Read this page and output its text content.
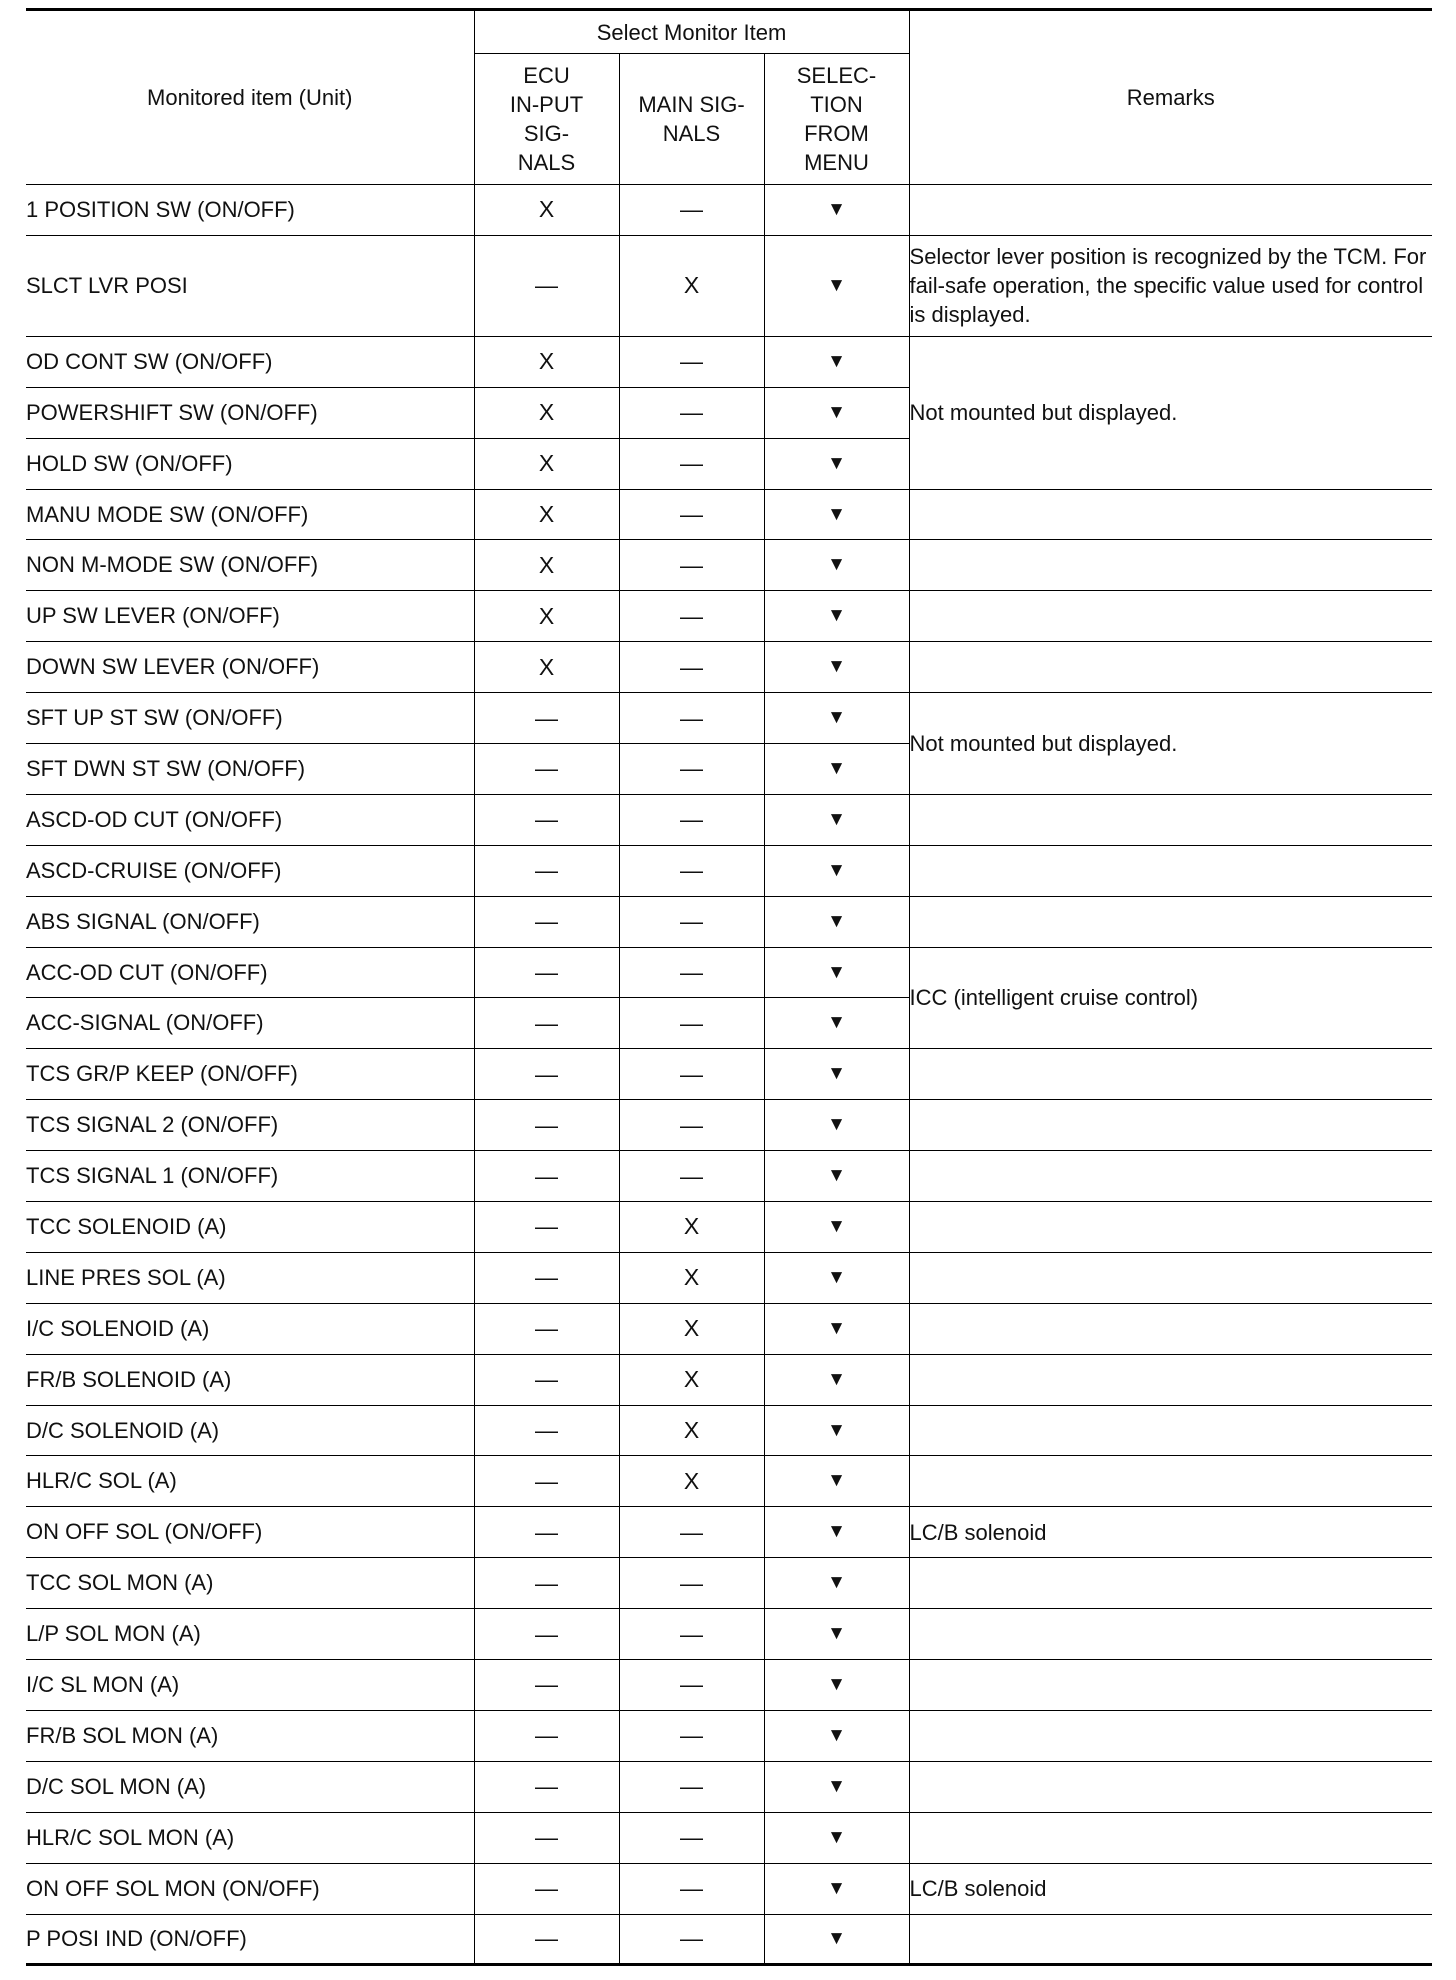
Monitored item (Unit)	Select Monitor Item			Remarks
	ECU IN-PUT SIG-NALS	MAIN SIG-NALS	SELEC-TION FROM MENU	
1 POSITION SW (ON/OFF)	X	—	▼	
SLCT LVR POSI	—	X	▼	Selector lever position is recognized by the TCM. For fail-safe operation, the specific value used for control is displayed.
OD CONT SW (ON/OFF)	X	—	▼	Not mounted but displayed.
POWERSHIFT SW (ON/OFF)	X	—	▼	
HOLD SW (ON/OFF)	X	—	▼	
MANU MODE SW (ON/OFF)	X	—	▼	
NON M-MODE SW (ON/OFF)	X	—	▼	
UP SW LEVER (ON/OFF)	X	—	▼	
DOWN SW LEVER (ON/OFF)	X	—	▼	
SFT UP ST SW (ON/OFF)	—	—	▼	Not mounted but displayed.
SFT DWN ST SW (ON/OFF)	—	—	▼	
ASCD-OD CUT (ON/OFF)	—	—	▼	
ASCD-CRUISE (ON/OFF)	—	—	▼	
ABS SIGNAL (ON/OFF)	—	—	▼	
ACC-OD CUT (ON/OFF)	—	—	▼	ICC (intelligent cruise control)
ACC-SIGNAL (ON/OFF)	—	—	▼	
TCS GR/P KEEP (ON/OFF)	—	—	▼	
TCS SIGNAL 2 (ON/OFF)	—	—	▼	
TCS SIGNAL 1 (ON/OFF)	—	—	▼	
TCC SOLENOID (A)	—	X	▼	
LINE PRES SOL (A)	—	X	▼	
I/C SOLENOID (A)	—	X	▼	
FR/B SOLENOID (A)	—	X	▼	
D/C SOLENOID (A)	—	X	▼	
HLR/C SOL (A)	—	X	▼	
ON OFF SOL (ON/OFF)	—	—	▼	LC/B solenoid
TCC SOL MON (A)	—	—	▼	
L/P SOL MON (A)	—	—	▼	
I/C SL MON (A)	—	—	▼	
FR/B SOL MON (A)	—	—	▼	
D/C SOL MON (A)	—	—	▼	
HLR/C SOL MON (A)	—	—	▼	
ON OFF SOL MON (ON/OFF)	—	—	▼	LC/B solenoid
P POSI IND (ON/OFF)	—	—	▼	
